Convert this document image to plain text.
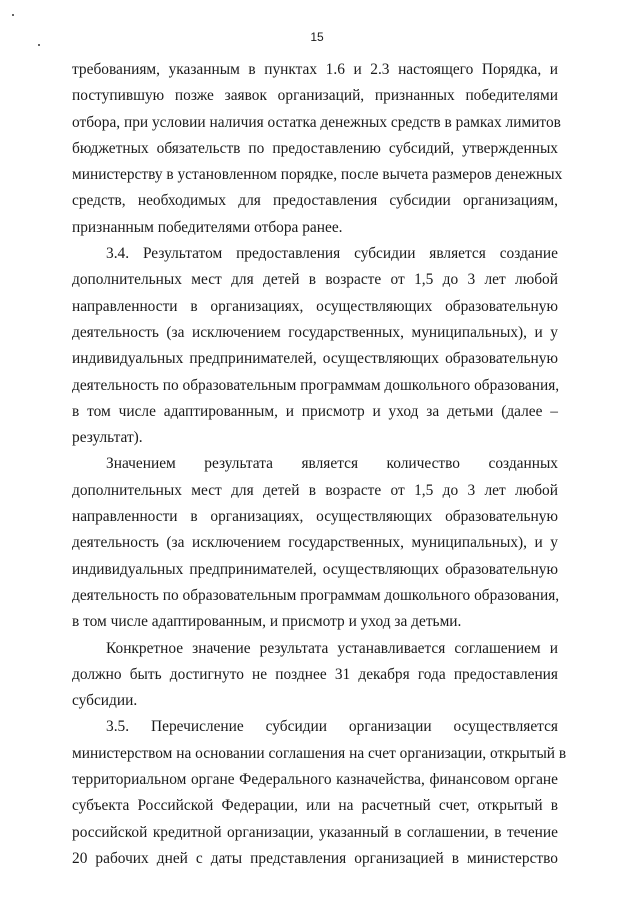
15
требованиям, указанным в пунктах 1.6 и 2.3 настоящего Порядка, и
поступившую позже заявок организаций, признанных победителями
отбора, при условии наличия остатка денежных средств в рамках лимитов
бюджетных обязательств по предоставлению субсидий, утвержденных
министерству в установленном порядке, после вычета размеров денежных
средств, необходимых для предоставления субсидии организациям,
признанным победителями отбора ранее.
3.4. Результатом предоставления субсидии является создание
дополнительных мест для детей в возрасте от 1,5 до 3 лет любой
направленности в организациях, осуществляющих образовательную
деятельность (за исключением государственных, муниципальных), и у
индивидуальных предпринимателей, осуществляющих образовательную
деятельность по образовательным программам дошкольного образования,
в том числе адаптированным, и присмотр и уход за детьми (далее –
результат).
Значением результата является количество созданных
дополнительных мест для детей в возрасте от 1,5 до 3 лет любой
направленности в организациях, осуществляющих образовательную
деятельность (за исключением государственных, муниципальных), и у
индивидуальных предпринимателей, осуществляющих образовательную
деятельность по образовательным программам дошкольного образования,
в том числе адаптированным, и присмотр и уход за детьми.
Конкретное значение результата устанавливается соглашением и
должно быть достигнуто не позднее 31 декабря года предоставления
субсидии.
3.5. Перечисление субсидии организации осуществляется
министерством на основании соглашения на счет организации, открытый в
территориальном органе Федерального казначейства, финансовом органе
субъекта Российской Федерации, или на расчетный счет, открытый в
российской кредитной организации, указанный в соглашении, в течение
20 рабочих дней с даты представления организацией в министерство
